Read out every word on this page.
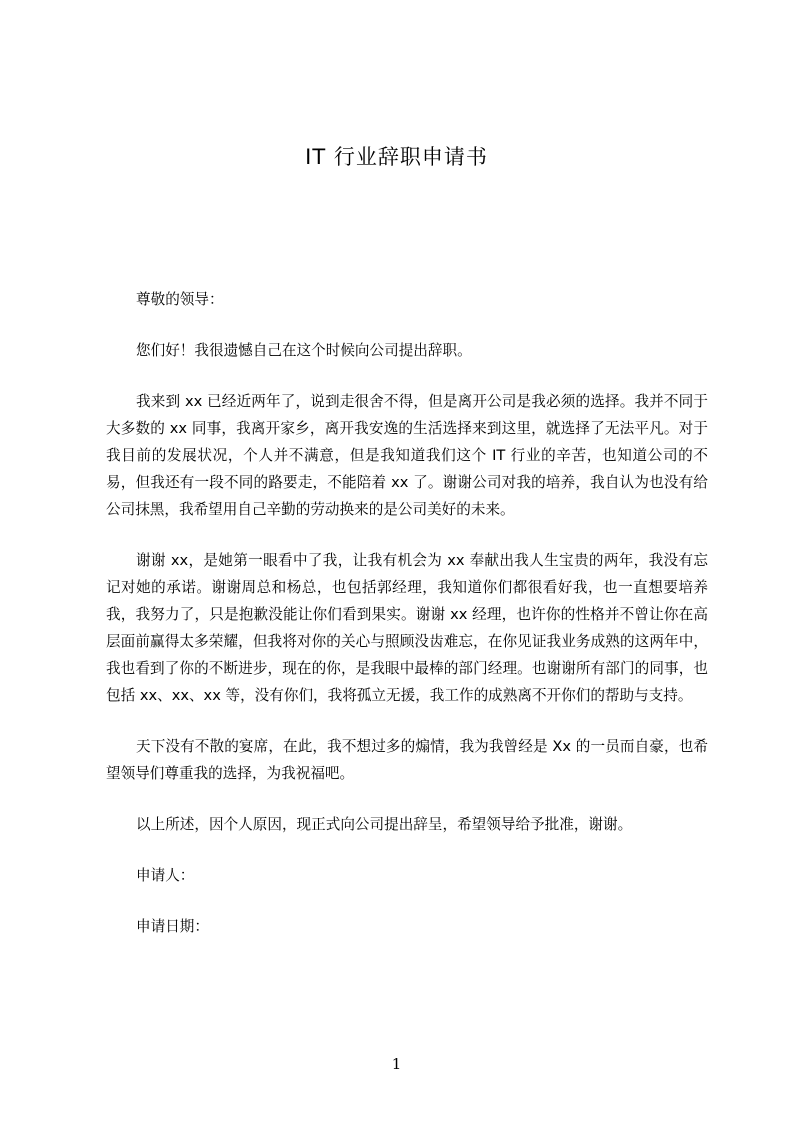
IT 行业辞职申请书

尊敬的领导：

您们好！我很遗憾自己在这个时候向公司提出辞职。

我来到 xx 已经近两年了，说到走很舍不得，但是离开公司是我必须的选择。我并不同于大多数的 xx 同事，我离开家乡，离开我安逸的生活选择来到这里，就选择了无法平凡。对于我目前的发展状况，个人并不满意，但是我知道我们这个 IT 行业的辛苦，也知道公司的不易，但我还有一段不同的路要走，不能陪着 xx 了。谢谢公司对我的培养，我自认为也没有给公司抹黑，我希望用自己辛勤的劳动换来的是公司美好的未来。

谢谢 xx，是她第一眼看中了我，让我有机会为 xx 奉献出我人生宝贵的两年，我没有忘记对她的承诺。谢谢周总和杨总，也包括郭经理，我知道你们都很看好我，也一直想要培养我，我努力了，只是抱歉没能让你们看到果实。谢谢 xx 经理，也许你的性格并不曾让你在高层面前赢得太多荣耀，但我将对你的关心与照顾没齿难忘，在你见证我业务成熟的这两年中，我也看到了你的不断进步，现在的你，是我眼中最棒的部门经理。也谢谢所有部门的同事，也包括 xx、xx、xx 等，没有你们，我将孤立无援，我工作的成熟离不开你们的帮助与支持。

天下没有不散的宴席，在此，我不想过多的煽情，我为我曾经是 Xx 的一员而自豪，也希望领导们尊重我的选择，为我祝福吧。

以上所述，因个人原因，现正式向公司提出辞呈，希望领导给予批准，谢谢。

申请人：

申请日期：

1
